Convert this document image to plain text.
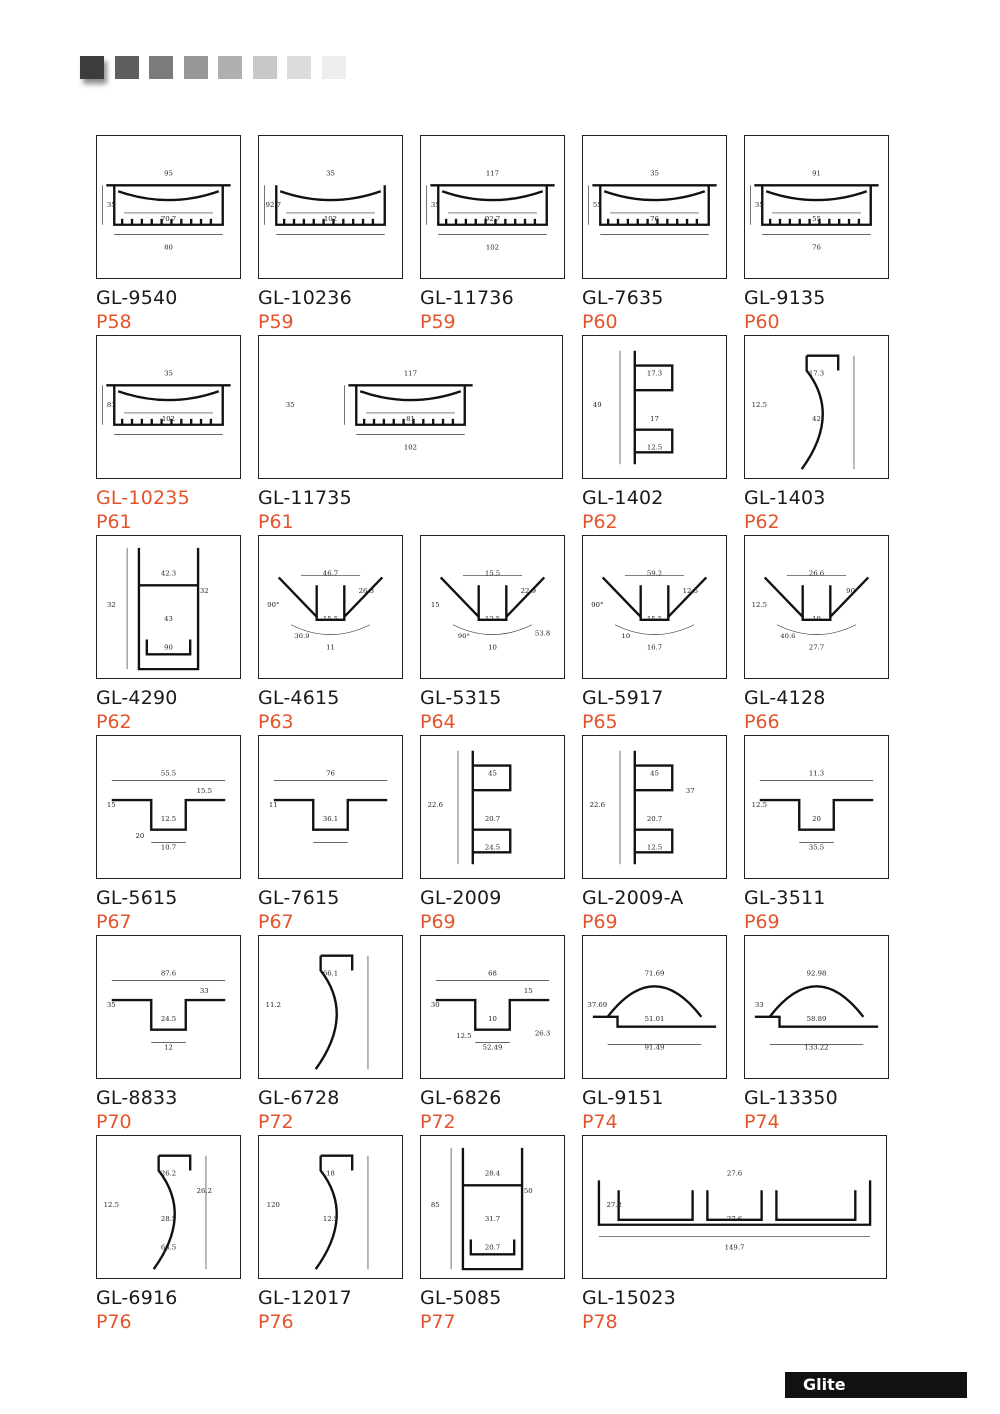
95
35
70.7
80
GL-9540
P58
35
92.7
102
GL-10236
P59
117
35
92.7
102
GL-11736
P59
35
55
76
GL-7635
P60
91
35
55
76
GL-9135
P60
35
81
102
GL-10235
P61
117
35
81
102
GL-11735
P61
17.3
49
17
12.5
GL-1402
P62
17.3
12.5
42
GL-1403
P62
42.3
32
43
90
32
GL-4290
P62
46.7
90°
15.5
11
26.3
30.9
GL-4615
P63
15.5
15
12.5
10
22.9
90°	53.8
GL-5315
P64
59.2
90°
15.5
16.7
12.5
10
GL-5917
P65
26.6
12.5
10
27.7
90°
40.6
GL-4128
P66
55.5
15
12.5
10.7
15.5
20
GL-5615
P67
76
11
36.1
GL-7615
P67
45
22.6
20.7
24.5
GL-2009
P69
45
22.6
20.7
12.5
37
GL-2009-A
P69
11.3
12.5
20
35.5
GL-3511
P69
87.6
35
24.5
12
33
GL-8833
P70
66.1
11.2
GL-6728
P72
68
30
10
52.49
15
12.5	26.3
GL-6826
P72
71.69
37.69
51.01
91.49
GL-9151
P74
92.98
33
58.89
133.22
GL-13350
P74
26.2
12.5
28.5
68.5
26.2
GL-6916
P76
18
120
12.5
GL-12017
P76
28.4
85
31.7
20.7
50
GL-5085
P77
27.6
27.2
27.6
149.7
GL-15023
P78
Glite
